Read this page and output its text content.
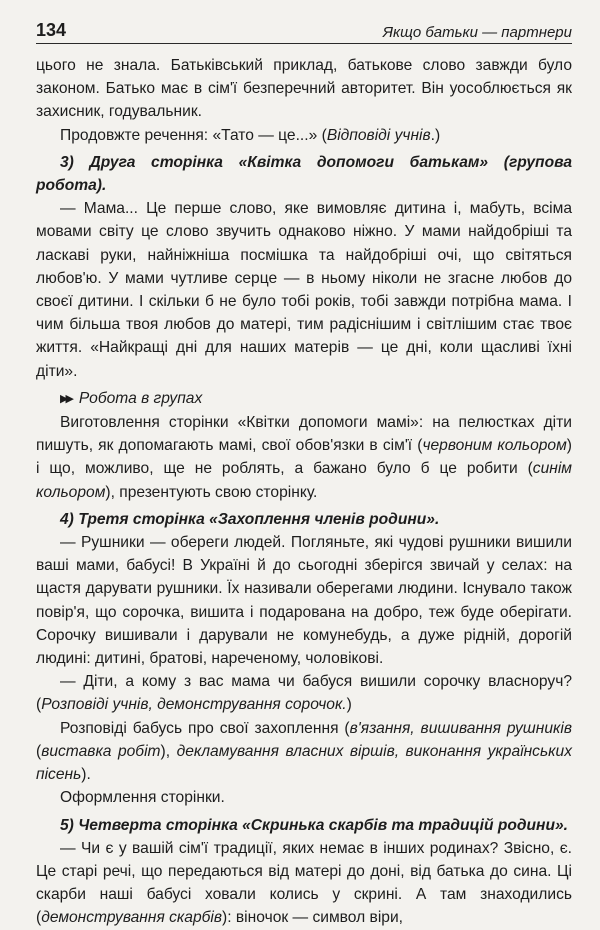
134	Якщо батьки — партнери

цього не знала. Батьківський приклад, батькове слово завжди було законом. Батько має в сім'ї безперечний авторитет. Він уособлюється як захисник, годувальник.

Продовжте речення: «Тато — це...» (Відповіді учнів.)

3) Друга сторінка «Квітка допомоги батькам» (групова робота).

— Мама... Це перше слово, яке вимовляє дитина і, мабуть, всіма мовами світу це слово звучить однаково ніжно. У мами найдобріші та ласкаві руки, найніжніша посмішка та найдобріші очі, що світяться любов'ю. У мами чутливе серце — в ньому ніколи не згасне любов до своєї дитини. І скільки б не було тобі років, тобі завжди потрібна мама. І чим більша твоя любов до матері, тим радіснішим і світлішим стає твоє життя. «Найкращі дні для наших матерів — це дні, коли щасливі їхні діти».

▶▶ Робота в групах

Виготовлення сторінки «Квітки допомоги мамі»: на пелюстках діти пишуть, як допомагають мамі, свої обов'язки в сім'ї (червоним кольором) і що, можливо, ще не роблять, а бажано було б це робити (синім кольором), презентують свою сторінку.

4) Третя сторінка «Захоплення членів родини».

— Рушники — обереги людей. Погляньте, які чудові рушники вишили ваші мами, бабусі! В Україні й до сьогодні зберігся звичай у селах: на щастя дарувати рушники. Їх називали оберегами людини. Існувало також повір'я, що сорочка, вишита і подарована на добро, теж буде оберігати. Сорочку вишивали і дарували не комунебудь, а дуже рідній, дорогій людині: дитині, братові, нареченому, чоловікові.

— Діти, а кому з вас мама чи бабуся вишили сорочку власноруч? (Розповіді учнів, демонстрування сорочок.)

Розповіді бабусь про свої захоплення (в'язання, вишивання рушників (виставка робіт), декламування власних віршів, виконання українських пісень).

Оформлення сторінки.

5) Четверта сторінка «Скринька скарбів та традицій родини».

— Чи є у вашій сім'ї традиції, яких немає в інших родинах? Звісно, є. Це старі речі, що передаються від матері до доні, від батька до сина. Ці скарби наші бабусі ховали колись у скрині. А там знаходились (демонстрування скарбів): віночок — символ віри,
